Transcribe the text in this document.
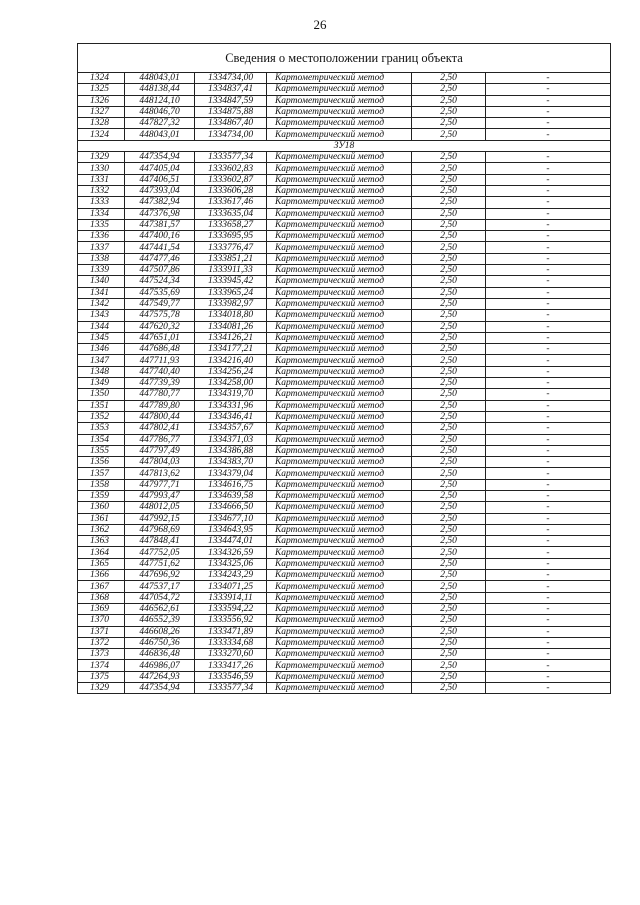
26
Сведения о местоположении границ объекта					
1324	448043,01	1334734,00	Картометрический метод	2,50	-
1325	448138,44	1334837,41	Картометрический метод	2,50	-
1326	448124,10	1334847,59	Картометрический метод	2,50	-
1327	448046,70	1334875,88	Картометрический метод	2,50	-
1328	447827,32	1334867,40	Картометрический метод	2,50	-
1324	448043,01	1334734,00	Картометрический метод	2,50	-
ЗУ18					
1329	447354,94	1333577,34	Картометрический метод	2,50	-
1330	447405,04	1333602,83	Картометрический метод	2,50	-
1331	447406,51	1333602,87	Картометрический метод	2,50	-
1332	447393,04	1333606,28	Картометрический метод	2,50	-
1333	447382,94	1333617,46	Картометрический метод	2,50	-
1334	447376,98	1333635,04	Картометрический метод	2,50	-
1335	447381,57	1333658,27	Картометрический метод	2,50	-
1336	447400,16	1333695,95	Картометрический метод	2,50	-
1337	447441,54	1333776,47	Картометрический метод	2,50	-
1338	447477,46	1333851,21	Картометрический метод	2,50	-
1339	447507,86	1333911,33	Картометрический метод	2,50	-
1340	447524,34	1333945,42	Картометрический метод	2,50	-
1341	447535,69	1333965,24	Картометрический метод	2,50	-
1342	447549,77	1333982,97	Картометрический метод	2,50	-
1343	447575,78	1334018,80	Картометрический метод	2,50	-
1344	447620,32	1334081,26	Картометрический метод	2,50	-
1345	447651,01	1334126,21	Картометрический метод	2,50	-
1346	447686,48	1334177,21	Картометрический метод	2,50	-
1347	447711,93	1334216,40	Картометрический метод	2,50	-
1348	447740,40	1334256,24	Картометрический метод	2,50	-
1349	447739,39	1334258,00	Картометрический метод	2,50	-
1350	447780,77	1334319,70	Картометрический метод	2,50	-
1351	447789,80	1334331,96	Картометрический метод	2,50	-
1352	447800,44	1334346,41	Картометрический метод	2,50	-
1353	447802,41	1334357,67	Картометрический метод	2,50	-
1354	447786,77	1334371,03	Картометрический метод	2,50	-
1355	447797,49	1334386,88	Картометрический метод	2,50	-
1356	447804,03	1334383,70	Картометрический метод	2,50	-
1357	447813,62	1334379,04	Картометрический метод	2,50	-
1358	447977,71	1334616,75	Картометрический метод	2,50	-
1359	447993,47	1334639,58	Картометрический метод	2,50	-
1360	448012,05	1334666,50	Картометрический метод	2,50	-
1361	447992,15	1334677,10	Картометрический метод	2,50	-
1362	447968,69	1334643,95	Картометрический метод	2,50	-
1363	447848,41	1334474,01	Картометрический метод	2,50	-
1364	447752,05	1334326,59	Картометрический метод	2,50	-
1365	447751,62	1334325,06	Картометрический метод	2,50	-
1366	447696,92	1334243,29	Картометрический метод	2,50	-
1367	447537,17	1334071,25	Картометрический метод	2,50	-
1368	447054,72	1333914,11	Картометрический метод	2,50	-
1369	446562,61	1333594,22	Картометрический метод	2,50	-
1370	446552,39	1333556,92	Картометрический метод	2,50	-
1371	446608,26	1333471,89	Картометрический метод	2,50	-
1372	446750,36	1333334,68	Картометрический метод	2,50	-
1373	446836,48	1333270,60	Картометрический метод	2,50	-
1374	446986,07	1333417,26	Картометрический метод	2,50	-
1375	447264,93	1333546,59	Картометрический метод	2,50	-
1329	447354,94	1333577,34	Картометрический метод	2,50	-
